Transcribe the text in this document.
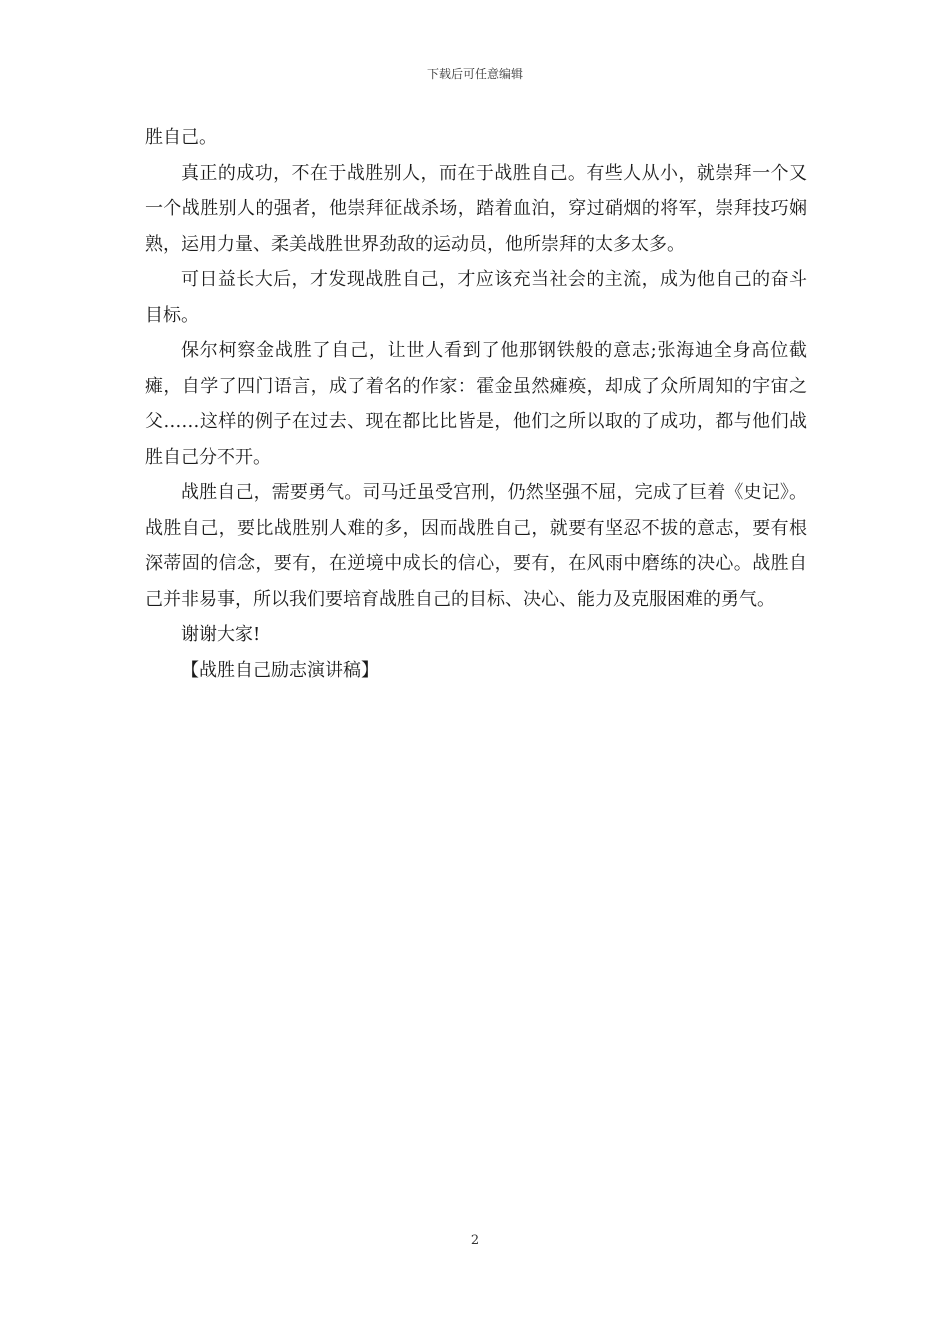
下载后可任意编辑

胜自己。

真正的成功，不在于战胜别人，而在于战胜自己。有些人从小，就崇拜一个又一个战胜别人的强者，他崇拜征战杀场，踏着血泊，穿过硝烟的将军，崇拜技巧娴熟，运用力量、柔美战胜世界劲敌的运动员，他所崇拜的太多太多。

可日益长大后，才发现战胜自己，才应该充当社会的主流，成为他自己的奋斗目标。

保尔柯察金战胜了自己，让世人看到了他那钢铁般的意志;张海迪全身高位截瘫，自学了四门语言，成了着名的作家：霍金虽然瘫痪，却成了众所周知的宇宙之父……这样的例子在过去、现在都比比皆是，他们之所以取的了成功，都与他们战胜自己分不开。

战胜自己，需要勇气。司马迁虽受宫刑，仍然坚强不屈，完成了巨着《史记》。战胜自己，要比战胜别人难的多，因而战胜自己，就要有坚忍不拔的意志，要有根深蒂固的信念，要有，在逆境中成长的信心，要有，在风雨中磨练的决心。战胜自己并非易事，所以我们要培育战胜自己的目标、决心、能力及克服困难的勇气。

谢谢大家!

【战胜自己励志演讲稿】

2
